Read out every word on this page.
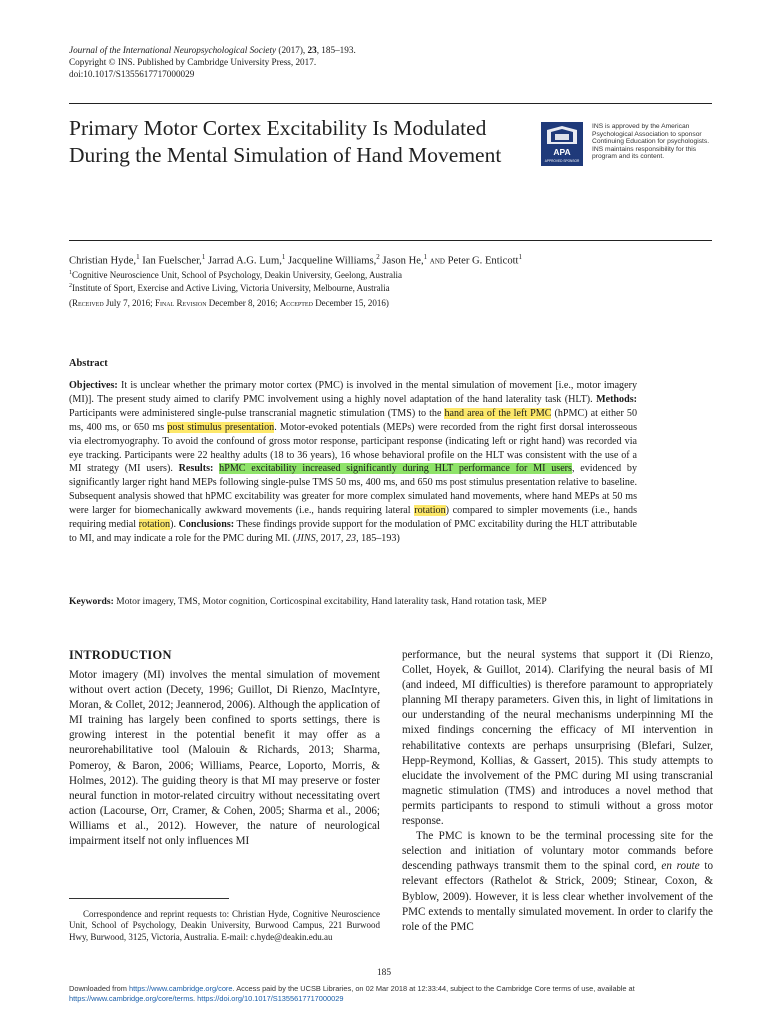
Journal of the International Neuropsychological Society (2017), 23, 185–193.
Copyright © INS. Published by Cambridge University Press, 2017.
doi:10.1017/S1355617717000029
Primary Motor Cortex Excitability Is Modulated
During the Mental Simulation of Hand Movement	APA
APPROVED SPONSOR
INS is approved by the American Psychological Association to sponsor Continuing Education for psychologists. INS maintains responsibility for this program and its content.
Christian Hyde,$^1$ Ian Fuelscher,$^1$ Jarrad A.G. Lum,$^1$ Jacqueline Williams,$^2$ Jason He,$^1$ and Peter G. Enticott$^1$
$^1$Cognitive Neuroscience Unit, School of Psychology, Deakin University, Geelong, Australia
$^2$Institute of Sport, Exercise and Active Living, Victoria University, Melbourne, Australia
(Received July 7, 2016; Final Revision December 8, 2016; Accepted December 15, 2016)
Abstract
Objectives: It is unclear whether the primary motor cortex (PMC) is involved in the mental simulation of movement [i.e., motor imagery (MI)]. The present study aimed to clarify PMC involvement using a highly novel adaptation of the hand laterality task (HLT). Methods: Participants were administered single-pulse transcranial magnetic stimulation (TMS) to the hand area of the left PMC (hPMC) at either 50 ms, 400 ms, or 650 ms post stimulus presentation. Motor-evoked potentials (MEPs) were recorded from the right first dorsal interosseous via electromyography. To avoid the confound of gross motor response, participant response (indicating left or right hand) was recorded via eye tracking. Participants were 22 healthy adults (18 to 36 years), 16 whose behavioral profile on the HLT was consistent with the use of a MI strategy (MI users). Results: hPMC excitability increased significantly during HLT performance for MI users, evidenced by significantly larger right hand MEPs following single-pulse TMS 50 ms, 400 ms, and 650 ms post stimulus presentation relative to baseline. Subsequent analysis showed that hPMC excitability was greater for more complex simulated hand movements, where hand MEPs at 50 ms were larger for biomechanically awkward movements (i.e., hands requiring lateral rotation) compared to simpler movements (i.e., hands requiring medial rotation). Conclusions: These findings provide support for the modulation of PMC excitability during the HLT attributable to MI, and may indicate a role for the PMC during MI. (JINS, 2017, 23, 185–193)
Keywords: Motor imagery, TMS, Motor cognition, Corticospinal excitability, Hand laterality task, Hand rotation task, MEP
INTRODUCTION

Motor imagery (MI) involves the mental simulation of movement without overt action (Decety, 1996; Guillot, Di Rienzo, MacIntyre, Moran, & Collet, 2012; Jeannerod, 2006). Although the application of MI training has largely been confined to sports settings, there is growing interest in the potential benefit it may offer as a neurorehabilitative tool (Malouin & Richards, 2013; Sharma, Pomeroy, & Baron, 2006; Williams, Pearce, Loporto, Morris, & Holmes, 2012). The guiding theory is that MI may preserve or foster neural function in motor-related circuitry without necessitating overt action (Lacourse, Orr, Cramer, & Cohen, 2005; Sharma et al., 2006; Williams et al., 2012). However, the nature of neurological impairment itself not only influences MI

performance, but the neural systems that support it (Di Rienzo, Collet, Hoyek, & Guillot, 2014). Clarifying the neural basis of MI (and indeed, MI difficulties) is therefore paramount to appropriately planning MI therapy parameters. Given this, in light of limitations in our understanding of the neural mechanisms underpinning MI the mixed findings concerning the efficacy of MI intervention in rehabilitative contexts are perhaps unsurprising (Blefari, Sulzer, Hepp-Reymond, Kollias, & Gassert, 2015). This study attempts to elucidate the involvement of the PMC during MI using transcranial magnetic stimulation (TMS) and introduces a novel method that permits participants to respond to stimuli without a gross motor response.

The PMC is known to be the terminal processing site for the selection and initiation of voluntary motor commands before descending pathways transmit them to the spinal cord, en route to relevant effectors (Rathelot & Strick, 2009; Stinear, Coxon, & Byblow, 2009). However, it is less clear whether involvement of the PMC extends to mentally simulated movement. In order to clarify the role of the PMC

Correspondence and reprint requests to: Christian Hyde, Cognitive Neuroscience Unit, School of Psychology, Deakin University, Burwood Campus, 221 Burwood Hwy, Burwood, 3125, Victoria, Australia. E-mail: c.hyde@deakin.edu.au
185
Downloaded from https://www.cambridge.org/core. Access paid by the UCSB Libraries, on 02 Mar 2018 at 12:33:44, subject to the Cambridge Core terms of use, available at
https://www.cambridge.org/core/terms. https://doi.org/10.1017/S1355617717000029
